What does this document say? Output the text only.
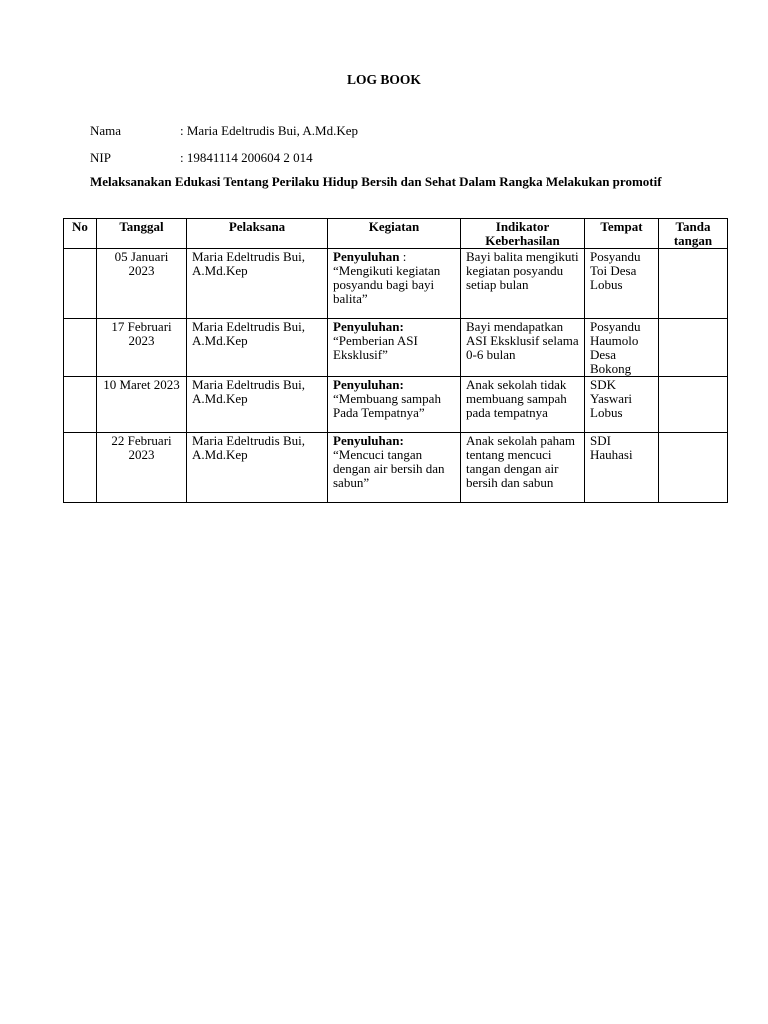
LOG BOOK
Nama	: Maria Edeltrudis Bui, A.Md.Kep
NIP	: 19841114 200604 2 014
Melaksanakan Edukasi Tentang Perilaku Hidup Bersih dan Sehat Dalam Rangka Melakukan promotif
No	Tanggal	Pelaksana	Kegiatan	Indikator Keberhasilan	Tempat	Tanda tangan
	05 Januari 2023	Maria Edeltrudis Bui, A.Md.Kep	Penyuluhan : “Mengikuti kegiatan posyandu bagi bayi balita”	Bayi balita mengikuti kegiatan posyandu setiap bulan	Posyandu Toi Desa Lobus	
	17 Februari 2023	Maria Edeltrudis Bui, A.Md.Kep	Penyuluhan: “Pemberian ASI Eksklusif”	Bayi mendapatkan ASI Eksklusif selama 0-6 bulan	Posyandu Haumolo Desa Bokong	
	10 Maret 2023	Maria Edeltrudis Bui, A.Md.Kep	Penyuluhan: “Membuang sampah Pada Tempatnya”	Anak sekolah tidak membuang sampah pada tempatnya	SDK Yaswari Lobus	
	22 Februari 2023	Maria Edeltrudis Bui, A.Md.Kep	Penyuluhan: “Mencuci tangan dengan air bersih dan sabun”	Anak sekolah paham tentang mencuci tangan dengan air bersih dan sabun	SDI Hauhasi	
